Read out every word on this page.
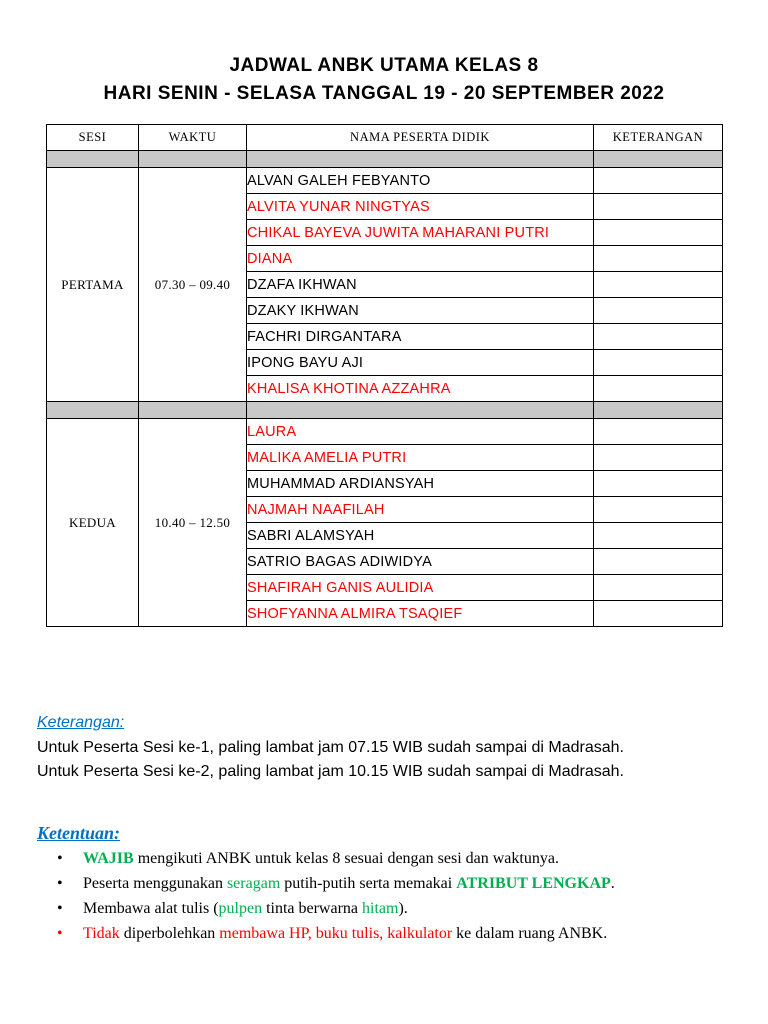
JADWAL ANBK UTAMA KELAS 8
HARI SENIN - SELASA TANGGAL 19 - 20 SEPTEMBER 2022
SESI	WAKTU	NAMA PESERTA DIDIK	KETERANGAN

PERTAMA	07.30 – 09.40	ALVAN GALEH FEBYANTO	
		ALVITA YUNAR NINGTYAS	
		CHIKAL BAYEVA JUWITA MAHARANI PUTRI	
		DIANA	
		DZAFA IKHWAN	
		DZAKY IKHWAN	
		FACHRI DIRGANTARA	
		IPONG BAYU AJI	
		KHALISA KHOTINA AZZAHRA	

KEDUA	10.40 – 12.50	LAURA	
		MALIKA AMELIA PUTRI	
		MUHAMMAD ARDIANSYAH	
		NAJMAH NAAFILAH	
		SABRI ALAMSYAH	
		SATRIO BAGAS ADIWIDYA	
		SHAFIRAH GANIS AULIDIA	
		SHOFYANNA ALMIRA TSAQIEF	
Keterangan:
Untuk Peserta Sesi ke-1, paling lambat jam 07.15 WIB sudah sampai di Madrasah.
Untuk Peserta Sesi ke-2, paling lambat jam 10.15 WIB sudah sampai di Madrasah.
Ketentuan:
• WAJIB mengikuti ANBK untuk kelas 8 sesuai dengan sesi dan waktunya.
• Peserta menggunakan seragam putih-putih serta memakai ATRIBUT LENGKAP.
• Membawa alat tulis (pulpen tinta berwarna hitam).
• Tidak diperbolehkan membawa HP, buku tulis, kalkulator ke dalam ruang ANBK.
